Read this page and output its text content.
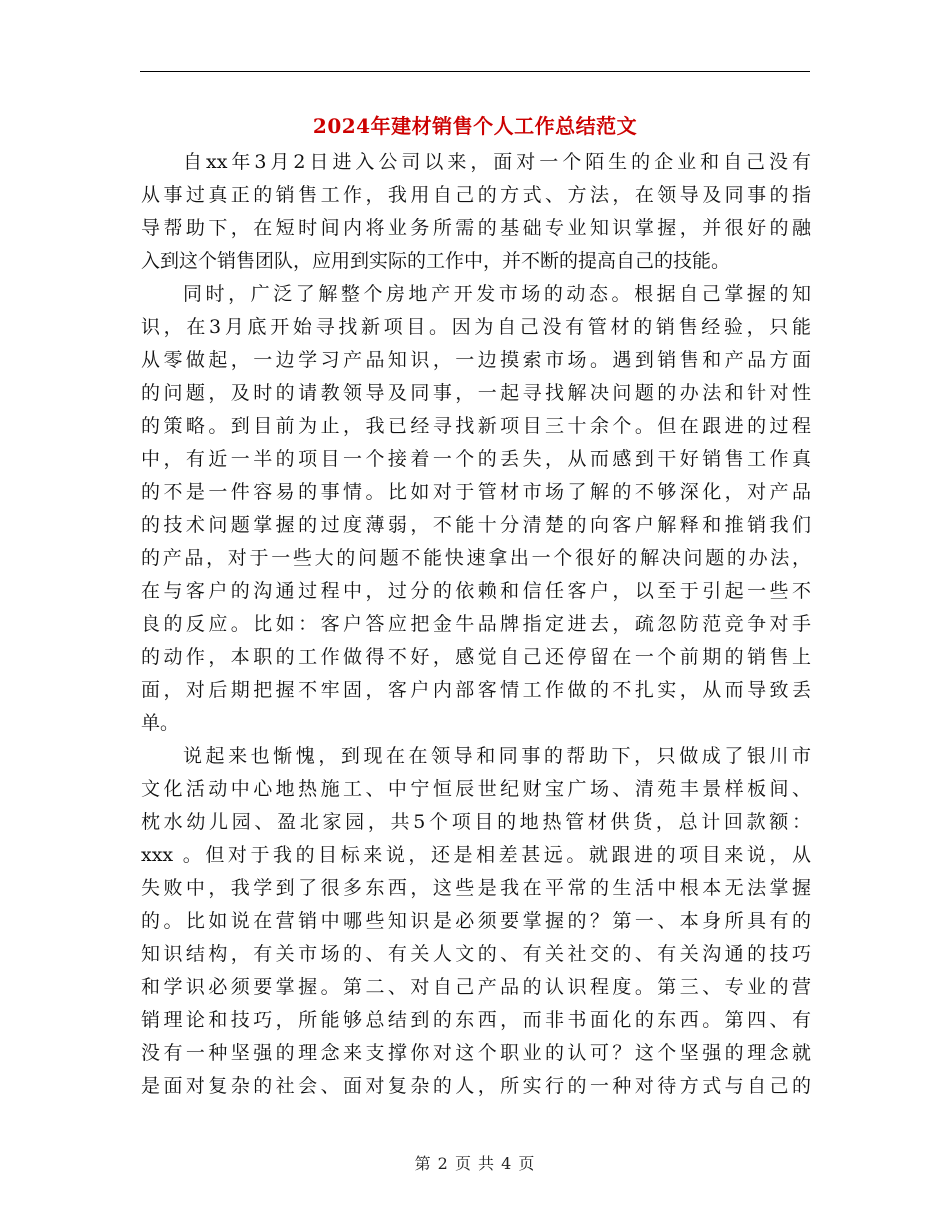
2024年建材销售个人工作总结范文
自xx年3月2日进入公司以来，面对一个陌生的企业和自己没有
从事过真正的销售工作，我用自己的方式、方法，在领导及同事的指
导帮助下，在短时间内将业务所需的基础专业知识掌握，并很好的融
入到这个销售团队，应用到实际的工作中，并不断的提高自己的技能。
同时，广泛了解整个房地产开发市场的动态。根据自己掌握的知
识，在3月底开始寻找新项目。因为自己没有管材的销售经验，只能
从零做起，一边学习产品知识，一边摸索市场。遇到销售和产品方面
的问题，及时的请教领导及同事，一起寻找解决问题的办法和针对性
的策略。到目前为止，我已经寻找新项目三十余个。但在跟进的过程
中，有近一半的项目一个接着一个的丢失，从而感到干好销售工作真
的不是一件容易的事情。比如对于管材市场了解的不够深化，对产品
的技术问题掌握的过度薄弱，不能十分清楚的向客户解释和推销我们
的产品，对于一些大的问题不能快速拿出一个很好的解决问题的办法，
在与客户的沟通过程中，过分的依赖和信任客户，以至于引起一些不
良的反应。比如：客户答应把金牛品牌指定进去，疏忽防范竞争对手
的动作，本职的工作做得不好，感觉自己还停留在一个前期的销售上
面，对后期把握不牢固，客户内部客情工作做的不扎实，从而导致丢
单。
说起来也惭愧，到现在在领导和同事的帮助下，只做成了银川市
文化活动中心地热施工、中宁恒辰世纪财宝广场、清苑丰景样板间、
枕水幼儿园、盈北家园，共5个项目的地热管材供货，总计回款额：
xxx 。但对于我的目标来说，还是相差甚远。就跟进的项目来说，从
失败中，我学到了很多东西，这些是我在平常的生活中根本无法掌握
的。比如说在营销中哪些知识是必须要掌握的？第一、本身所具有的
知识结构，有关市场的、有关人文的、有关社交的、有关沟通的技巧
和学识必须要掌握。第二、对自己产品的认识程度。第三、专业的营
销理论和技巧，所能够总结到的东西，而非书面化的东西。第四、有
没有一种坚强的理念来支撑你对这个职业的认可？这个坚强的理念就
是面对复杂的社会、面对复杂的人，所实行的一种对待方式与自己的
第 2 页 共 4 页
